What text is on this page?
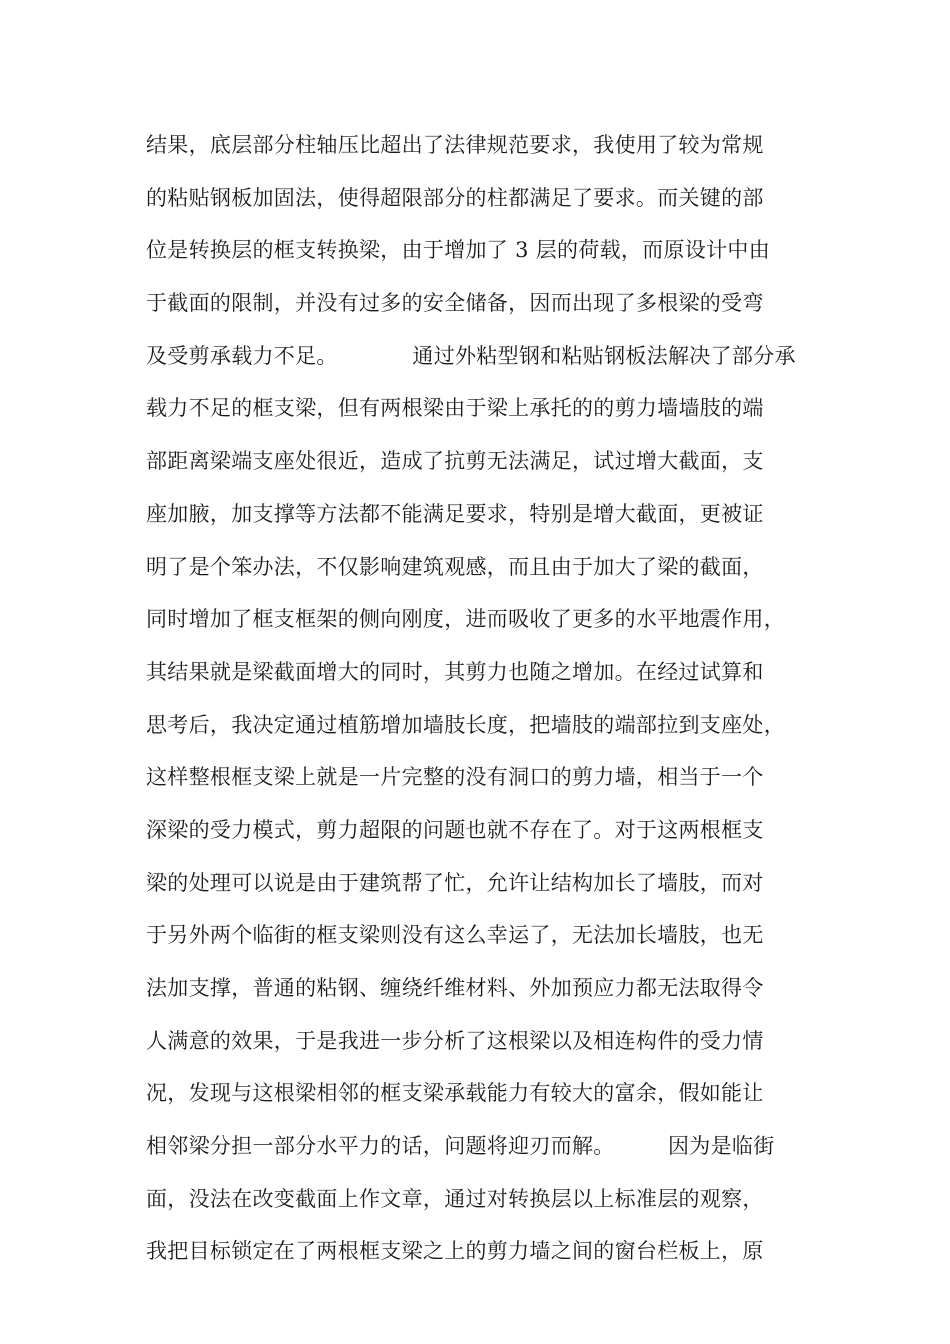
结果，底层部分柱轴压比超出了法律规范要求，我使用了较为常规
的粘贴钢板加固法，使得超限部分的柱都满足了要求。而关键的部
位是转换层的框支转换梁，由于增加了 3 层的荷载，而原设计中由
于截面的限制，并没有过多的安全储备，因而出现了多根梁的受弯
及受剪承载力不足。　　　　通过外粘型钢和粘贴钢板法解决了部分承
载力不足的框支梁，但有两根梁由于梁上承托的的剪力墙墙肢的端
部距离梁端支座处很近，造成了抗剪无法满足，试过增大截面，支
座加腋，加支撑等方法都不能满足要求，特别是增大截面，更被证
明了是个笨办法，不仅影响建筑观感，而且由于加大了梁的截面，
同时增加了框支框架的侧向刚度，进而吸收了更多的水平地震作用，
其结果就是梁截面增大的同时，其剪力也随之增加。在经过试算和
思考后，我决定通过植筋增加墙肢长度，把墙肢的端部拉到支座处，
这样整根框支梁上就是一片完整的没有洞口的剪力墙，相当于一个
深梁的受力模式，剪力超限的问题也就不存在了。对于这两根框支
梁的处理可以说是由于建筑帮了忙，允许让结构加长了墙肢，而对
于另外两个临街的框支梁则没有这么幸运了，无法加长墙肢，也无
法加支撑，普通的粘钢、缠绕纤维材料、外加预应力都无法取得令
人满意的效果，于是我进一步分析了这根梁以及相连构件的受力情
况，发现与这根梁相邻的框支梁承载能力有较大的富余，假如能让
相邻梁分担一部分水平力的话，问题将迎刃而解。　　　因为是临街
面，没法在改变截面上作文章，通过对转换层以上标准层的观察，
我把目标锁定在了两根框支梁之上的剪力墙之间的窗台栏板上，原
